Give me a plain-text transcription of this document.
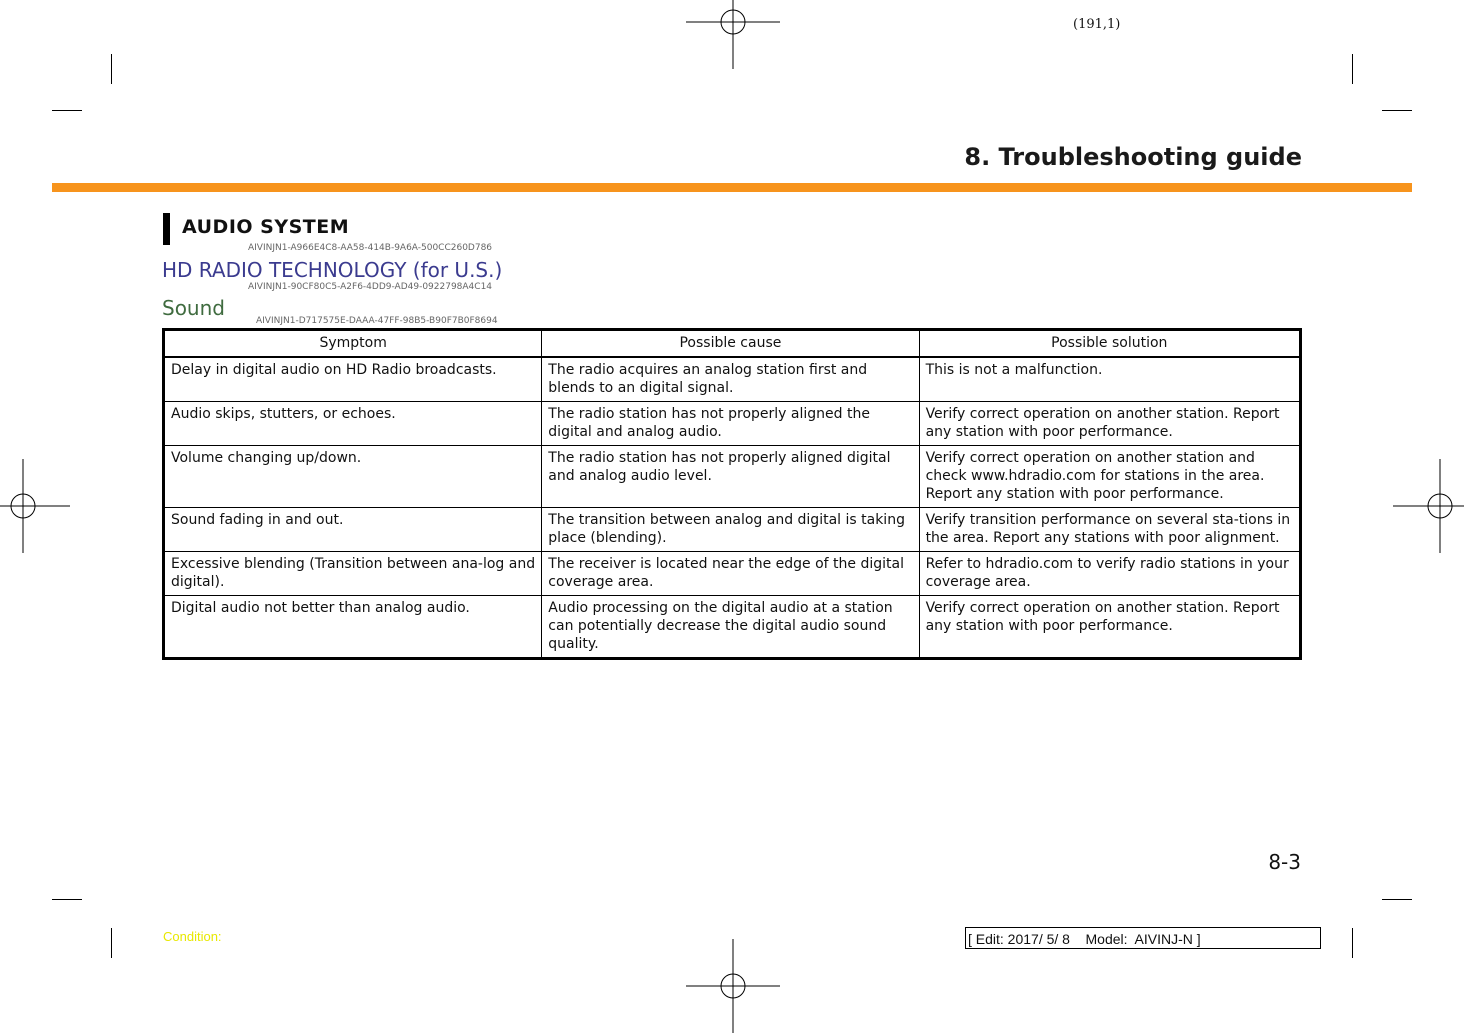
(191,1)
8. Troubleshooting guide
AUDIO SYSTEM
AIVINJN1-A966E4C8-AA58-414B-9A6A-500CC260D786
HD RADIO TECHNOLOGY (for U.S.)
AIVINJN1-90CF80C5-A2F6-4DD9-AD49-0922798A4C14
Sound
AIVINJN1-D717575E-DAAA-47FF-98B5-B90F7B0F8694
Symptom	Possible cause	Possible solution
Delay in digital audio on HD Radio broadcasts.	The radio acquires an analog station first and blends to an digital signal.	This is not a malfunction.
Audio skips, stutters, or echoes.	The radio station has not properly aligned the digital and analog audio.	Verify correct operation on another station. Report any station with poor performance.
Volume changing up/down.	The radio station has not properly aligned digital and analog audio level.	Verify correct operation on another station and check www.hdradio.com for stations in the area. Report any station with poor performance.
Sound fading in and out.	The transition between analog and digital is taking place (blending).	Verify transition performance on several sta-tions in the area. Report any stations with poor alignment.
Excessive blending (Transition between ana-log and digital).	The receiver is located near the edge of the digital coverage area.	Refer to hdradio.com to verify radio stations in your coverage area.
Digital audio not better than analog audio.	Audio processing on the digital audio at a station can potentially decrease the digital audio sound quality.	Verify correct operation on another station. Report any station with poor performance.
8-3
Condition:	[ Edit: 2017/ 5/ 8    Model:  AIVINJ-N ]
